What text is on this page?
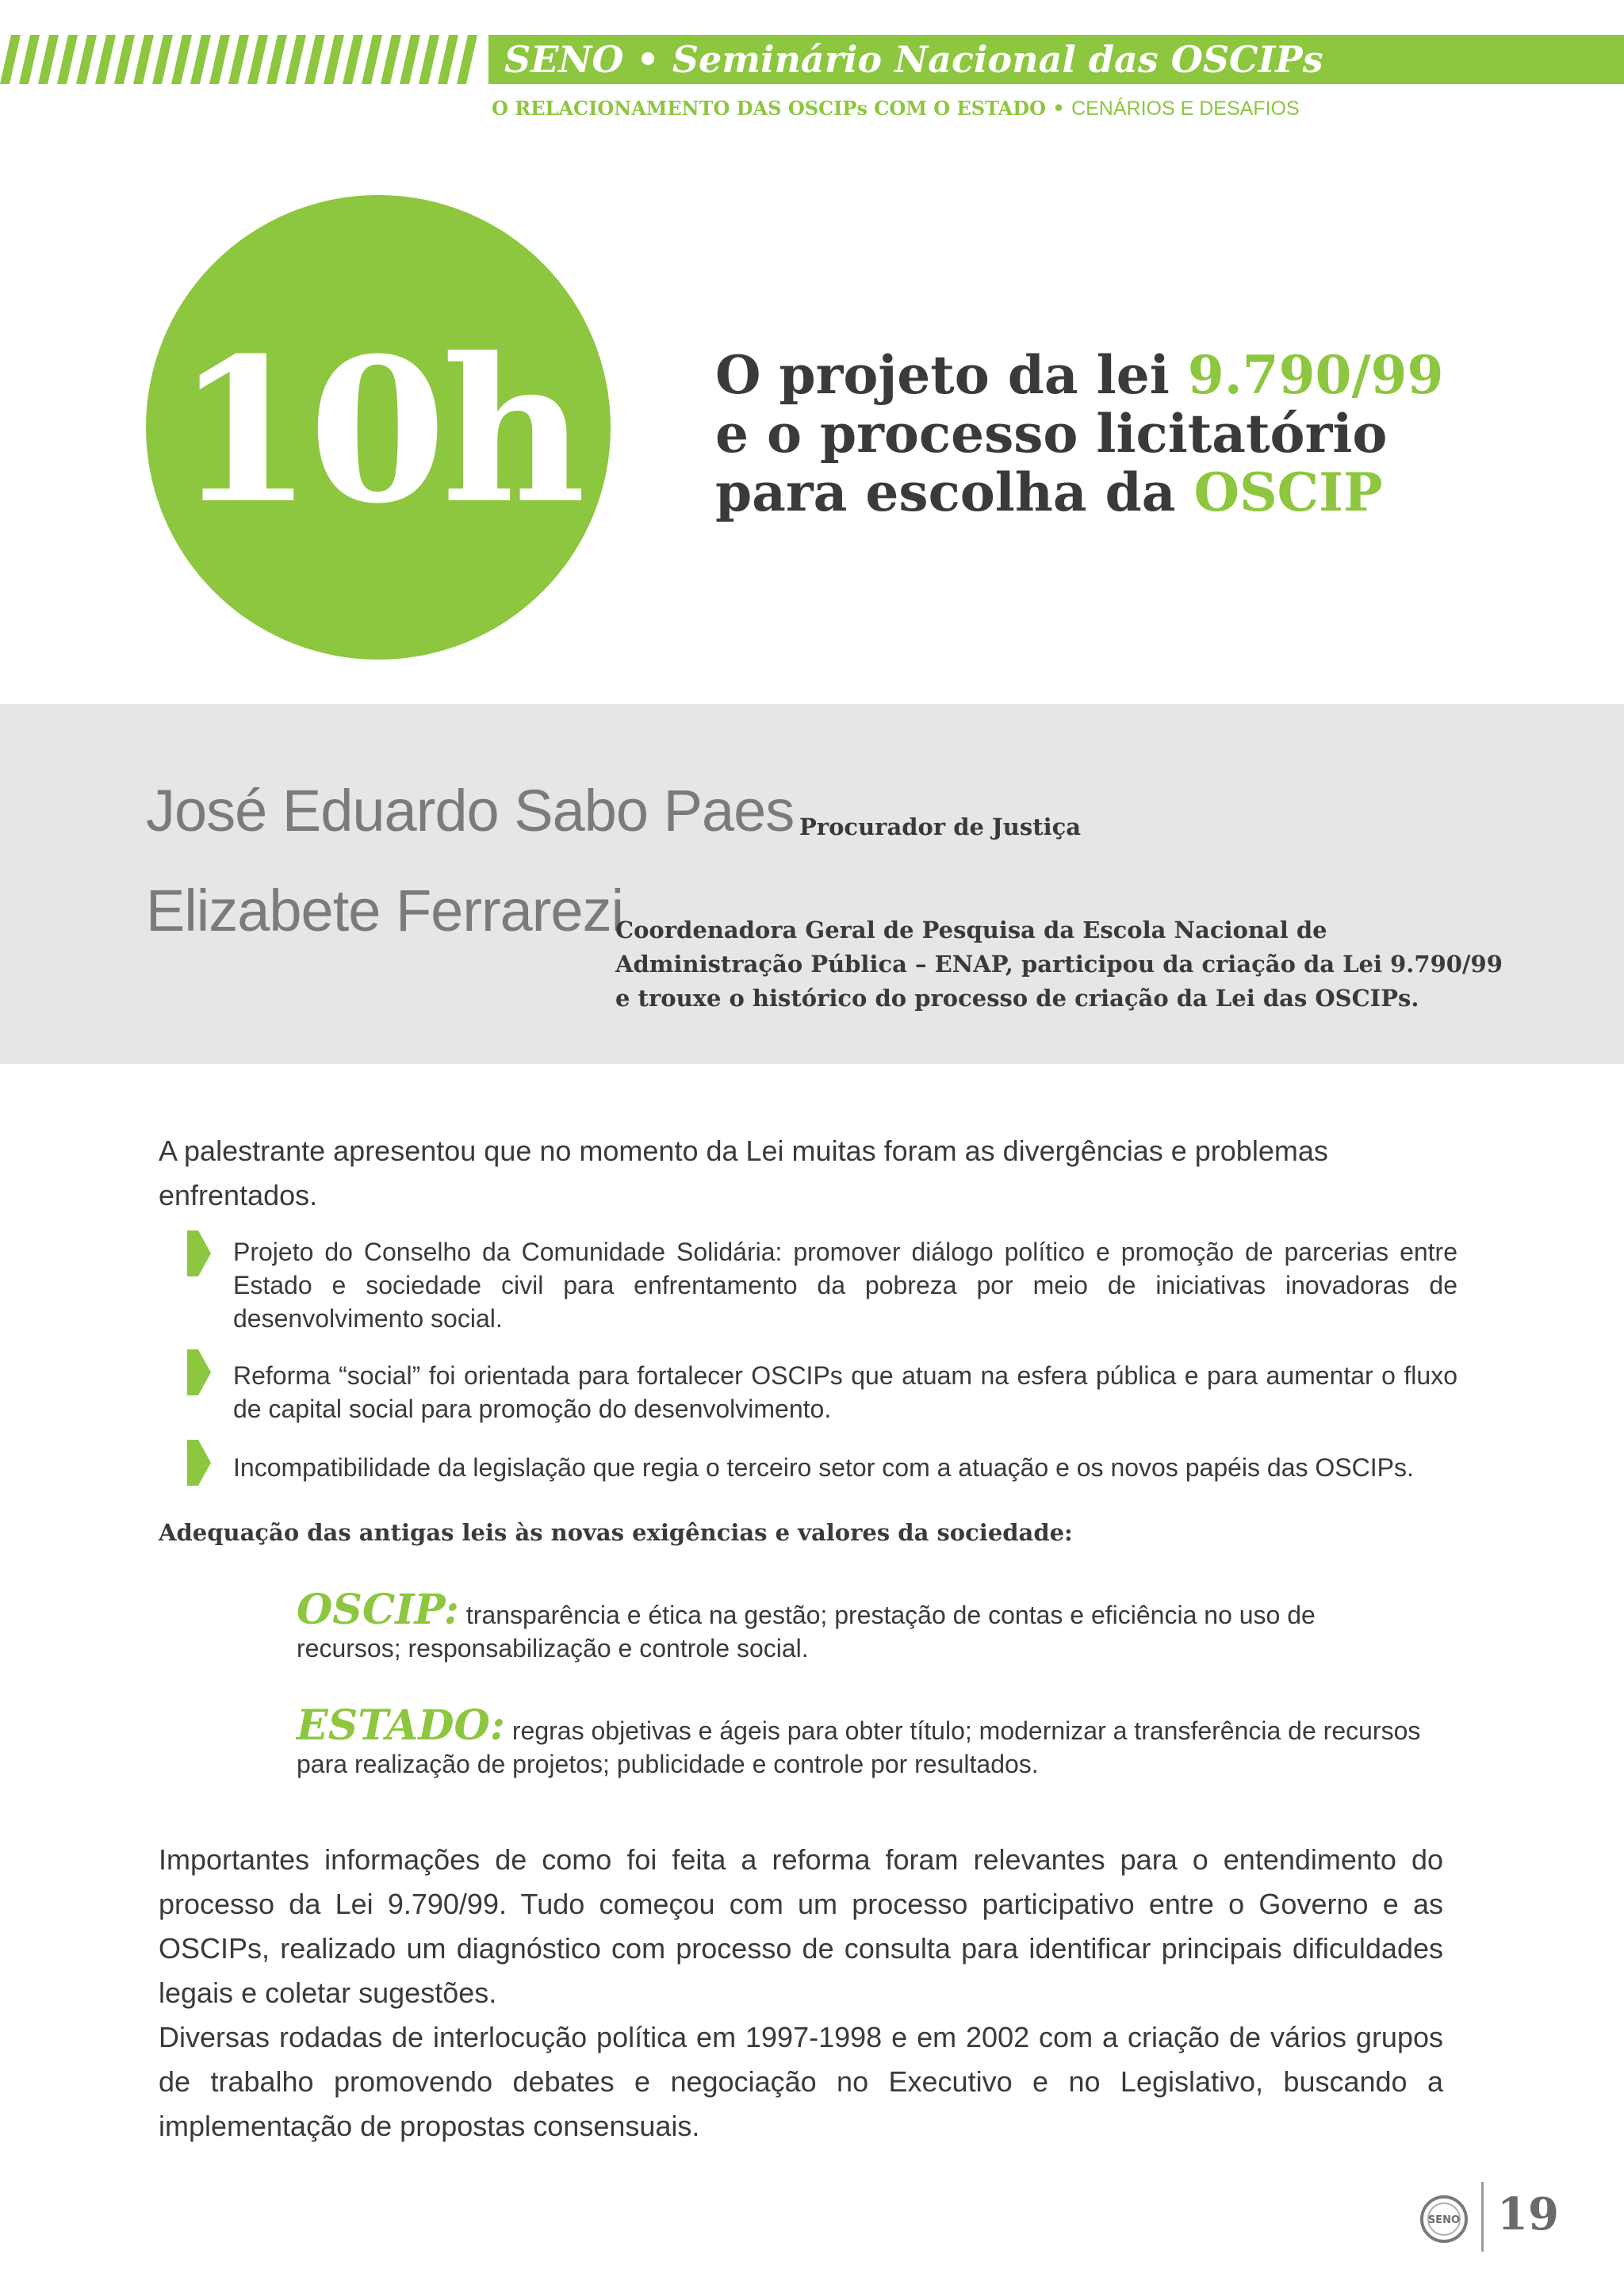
SENO • Seminário Nacional das OSCIPs
O RELACIONAMENTO DAS OSCIPs COM O ESTADO • CENÁRIOS E DESAFIOS
10h	O projeto da lei 9.790/99
e o processo licitatório
para escolha da OSCIP
José Eduardo Sabo Paes Procurador de Justiça
Elizabete Ferrarezi
Coordenadora Geral de Pesquisa da Escola Nacional de
Administração Pública – ENAP, participou da criação da Lei 9.790/99
e trouxe o histórico do processo de criação da Lei das OSCIPs.
A palestrante apresentou que no momento da Lei muitas foram as divergências e problemas
enfrentados.
Projeto do Conselho da Comunidade Solidária: promover diálogo político e promoção de parcerias entre Estado e sociedade civil para enfrentamento da pobreza por meio de iniciativas inovadoras de desenvolvimento social.
Reforma “social” foi orientada para fortalecer OSCIPs que atuam na esfera pública e para aumentar o fluxo de capital social para promoção do desenvolvimento.
Incompatibilidade da legislação que regia o terceiro setor com a atuação e os novos papéis das OSCIPs.
Adequação das antigas leis às novas exigências e valores da sociedade:
OSCIP: transparência e ética na gestão; prestação de contas e eficiência no uso de recursos; responsabilização e controle social.
ESTADO: regras objetivas e ágeis para obter título; modernizar a transferência de recursos para realização de projetos; publicidade e controle por resultados.
Importantes informações de como foi feita a reforma foram relevantes para o entendimento do processo da Lei 9.790/99. Tudo começou com um processo participativo entre o Governo e as OSCIPs, realizado um diagnóstico com processo de consulta para identificar principais dificuldades legais e coletar sugestões.
Diversas rodadas de interlocução política em 1997-1998 e em 2002 com a criação de vários grupos de trabalho promovendo debates e negociação no Executivo e no Legislativo, buscando a implementação de propostas consensuais.
SENO 19
